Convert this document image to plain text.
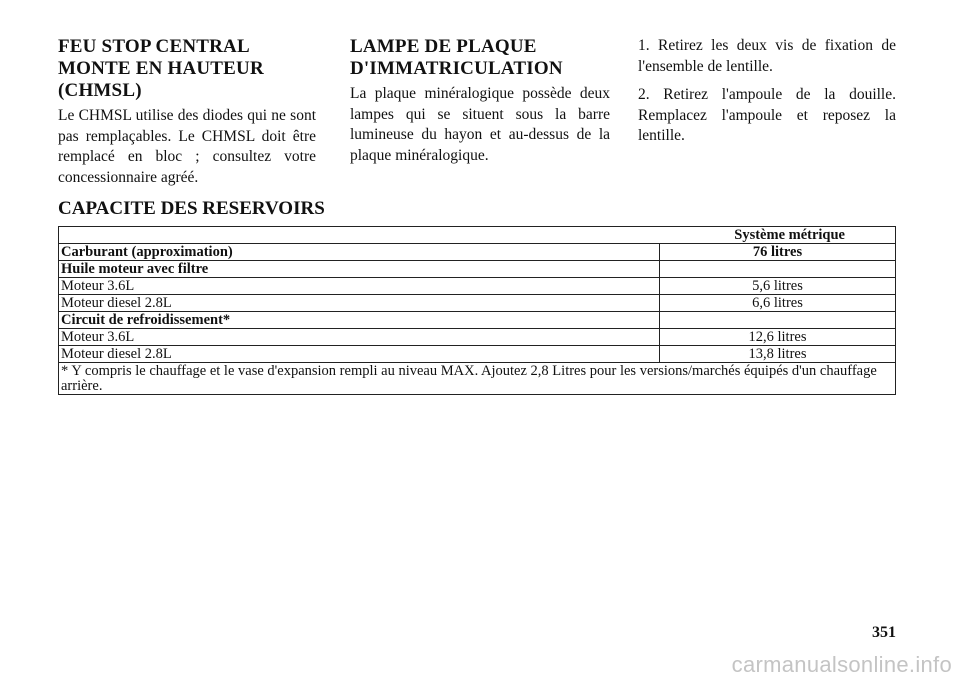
FEU STOP CENTRAL
MONTE EN HAUTEUR
(CHMSL)

Le CHMSL utilise des diodes qui ne sont pas remplaçables. Le CHMSL doit être remplacé en bloc ; consultez votre concessionnaire agréé.

LAMPE DE PLAQUE
D'IMMATRICULATION

La plaque minéralogique possède deux lampes qui se situent sous la barre lumineuse du hayon et au-dessus de la plaque minéralogique.

1. Retirez les deux vis de fixation de l'ensemble de lentille.

2. Retirez l'ampoule de la douille. Remplacez l'ampoule et reposez la lentille.

CAPACITE DES RESERVOIRS
Système métrique	
Carburant (approximation)	76 litres
Huile moteur avec filtre	
Moteur 3.6L	5,6 litres
Moteur diesel 2.8L	6,6 litres
Circuit de refroidissement*	
Moteur 3.6L	12,6 litres
Moteur diesel 2.8L	13,8 litres
* Y compris le chauffage et le vase d'expansion rempli au niveau MAX. Ajoutez 2,8 Litres pour les versions/marchés équipés d'un chauffage arrière.	
351
carmanualsonline.info
